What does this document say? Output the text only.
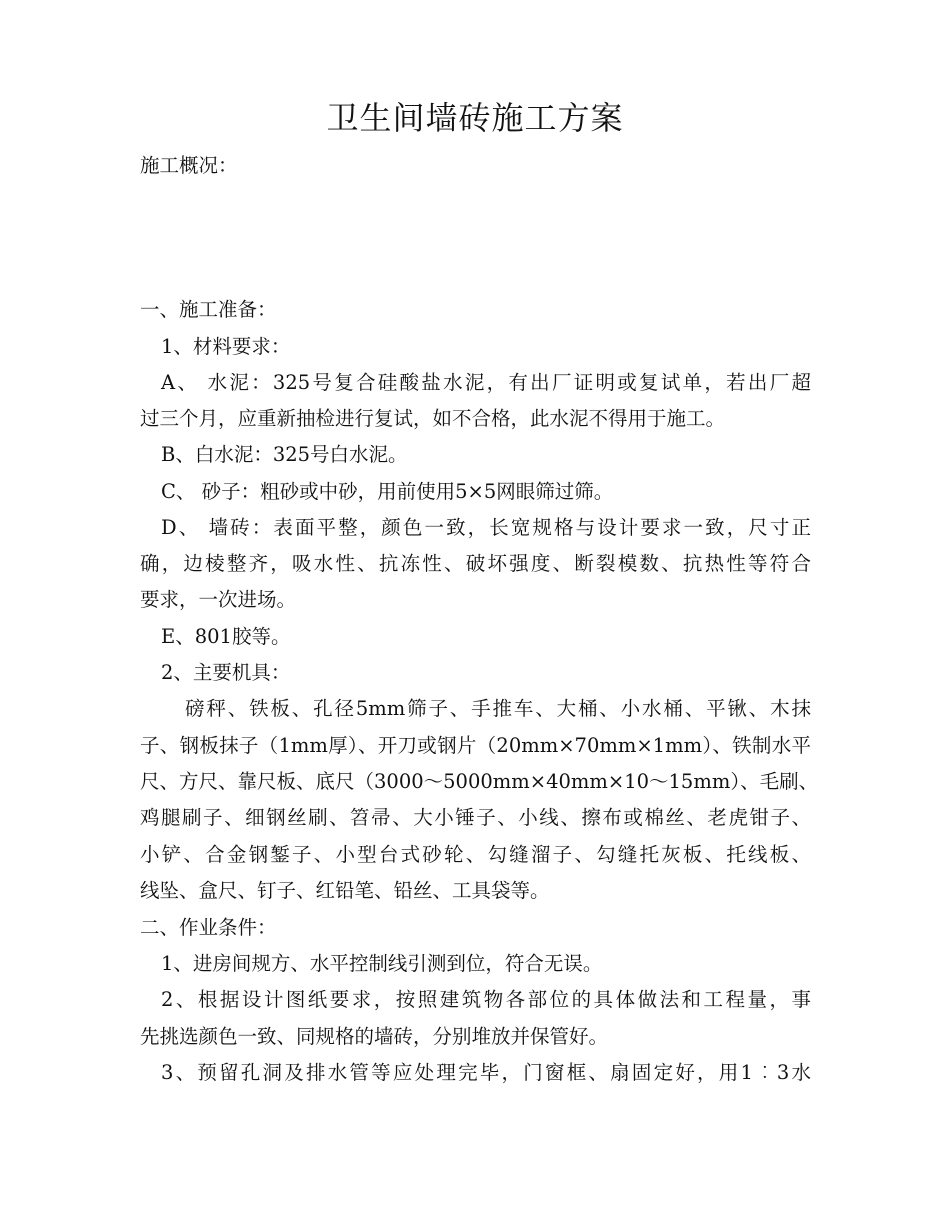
卫生间墙砖施工方案
施工概况：
一、施工准备：
1、材料要求：
A、 水泥：325号复合硅酸盐水泥，有出厂证明或复试单，若出厂超
过三个月，应重新抽检进行复试，如不合格，此水泥不得用于施工。
B、白水泥：325号白水泥。
C、 砂子：粗砂或中砂，用前使用5×5网眼筛过筛。
D、 墙砖：表面平整，颜色一致，长宽规格与设计要求一致，尺寸正
确，边棱整齐，吸水性、抗冻性、破坏强度、断裂模数、抗热性等符合
要求，一次进场。
E、801胶等。
2、主要机具：
磅秤、铁板、孔径5mm筛子、手推车、大桶、小水桶、平锹、木抹
子、钢板抹子（1mm厚）、开刀或钢片（20mm×70mm×1mm）、铁制水平
尺、方尺、靠尺板、底尺（3000～5000mm×40mm×10～15mm）、毛刷、
鸡腿刷子、细钢丝刷、笤帚、大小锤子、小线、擦布或棉丝、老虎钳子、
小铲、合金钢錾子、小型台式砂轮、勾缝溜子、勾缝托灰板、托线板、
线坠、盒尺、钉子、红铅笔、铅丝、工具袋等。
二、作业条件：
1、进房间规方、水平控制线引测到位，符合无误。
2、根据设计图纸要求，按照建筑物各部位的具体做法和工程量，事
先挑选颜色一致、同规格的墙砖，分别堆放并保管好。
3、预留孔洞及排水管等应处理完毕，门窗框、扇固定好，用1︰3水
